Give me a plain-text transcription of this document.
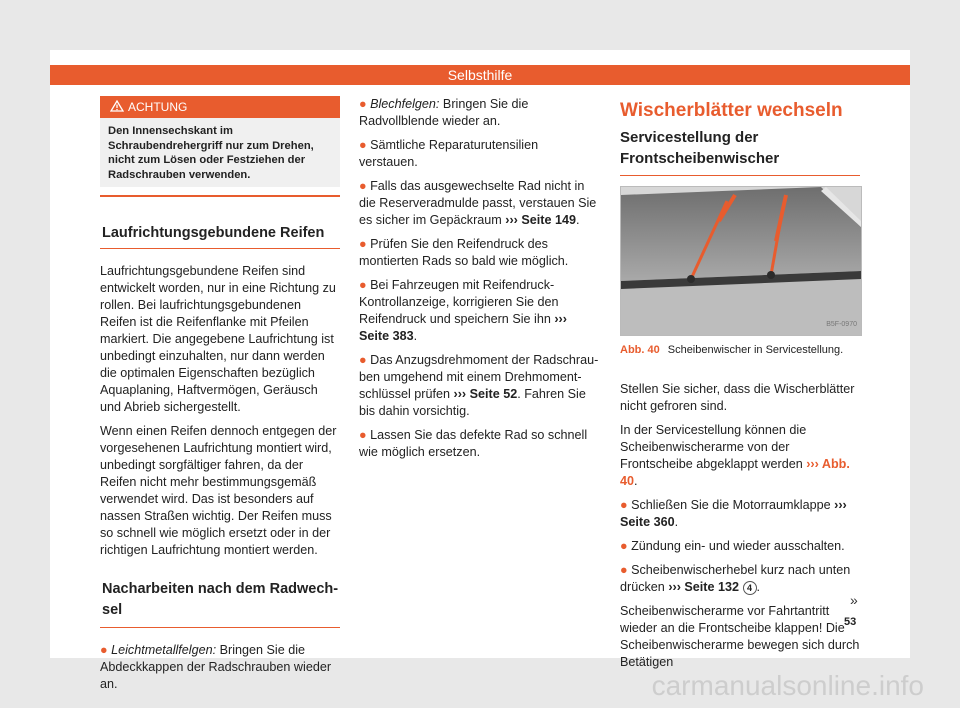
Selbsthilfe
ACHTUNG
Den Innensechskant im Schraubendrehergriff nur zum Drehen, nicht zum Lösen oder Festziehen der Radschrauben verwenden.
Laufrichtungsgebundene Reifen

Laufrichtungsgebundene Reifen sind entwickelt worden, nur in eine Richtung zu rollen. Bei laufrichtungsgebundenen Reifen ist die Reifenflanke mit Pfeilen markiert. Die angegebene Laufrichtung ist unbedingt einzuhalten, nur dann werden die optimalen Eigenschaften bezüglich Aquaplaning, Haftvermögen, Geräusch und Abrieb sichergestellt.

Wenn einen Reifen dennoch entgegen der vorgesehenen Laufrichtung montiert wird, unbedingt sorgfältiger fahren, da der Reifen nicht mehr bestimmungsgemäß verwendet wird. Das ist besonders auf nassen Straßen wichtig. Der Reifen muss so schnell wie möglich ersetzt oder in der richtigen Laufrichtung montiert werden.

Nacharbeiten nach dem Radwechsel

● Leichtmetallfelgen: Bringen Sie die Abdeckkappen der Radschrauben wieder an.

● Blechfelgen: Bringen Sie die Radvollblende wieder an.

● Sämtliche Reparaturutensilien verstauen.

● Falls das ausgewechselte Rad nicht in die Reserveradmulde passt, verstauen Sie es sicher im Gepäckraum ››› Seite 149.

● Prüfen Sie den Reifendruck des montierten Rads so bald wie möglich.

● Bei Fahrzeugen mit Reifendruck-Kontrollanzeige, korrigieren Sie den Reifendruck und speichern Sie ihn ››› Seite 383.

● Das Anzugsdrehmoment der Radschrauben umgehend mit einem Drehmomentschlüssel prüfen ››› Seite 52. Fahren Sie bis dahin vorsichtig.

● Lassen Sie das defekte Rad so schnell wie möglich ersetzen.

Wischerblätter wechseln
Servicestellung der Frontscheibenwischer
B5F-0970
Abb. 40 Scheibenwischer in Servicestellung.

Stellen Sie sicher, dass die Wischerblätter nicht gefroren sind.

In der Servicestellung können die Scheibenwischerarme von der Frontscheibe abgeklappt werden ››› Abb. 40.

● Schließen Sie die Motorraumklappe ››› Seite 360.

● Zündung ein- und wieder ausschalten.

● Scheibenwischerhebel kurz nach unten drücken ››› Seite 132 4 .

Scheibenwischerarme vor Fahrtantritt wieder an die Frontscheibe klappen! Die Scheibenwischerarme bewegen sich durch Betätigen

»
53
carmanualsonline.info
